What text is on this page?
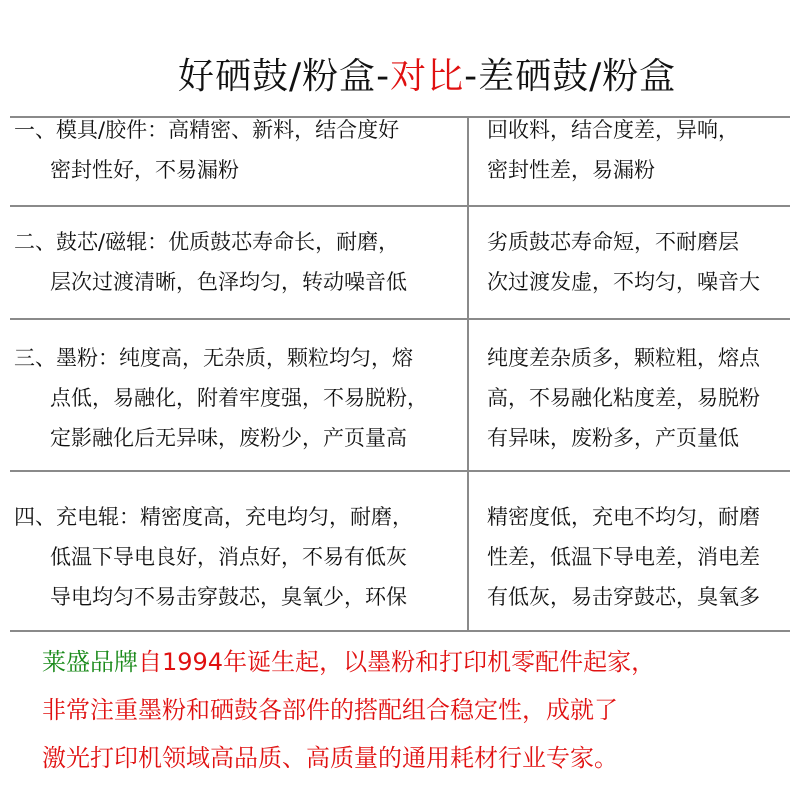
好硒鼓/粉盒-对比-差硒鼓/粉盒
一、模具/胶件：高精密、新料，结合度好
密封性好，不易漏粉
回收料，结合度差，异响，
密封性差，易漏粉
二、鼓芯/磁辊：优质鼓芯寿命长，耐磨，
层次过渡清晰，色泽均匀，转动噪音低
劣质鼓芯寿命短，不耐磨层
次过渡发虚，不均匀，噪音大
三、墨粉：纯度高，无杂质，颗粒均匀，熔
点低，易融化，附着牢度强，不易脱粉，
定影融化后无异味，废粉少，产页量高
纯度差杂质多，颗粒粗，熔点
高，不易融化粘度差，易脱粉
有异味，废粉多，产页量低
四、充电辊：精密度高，充电均匀，耐磨，
低温下导电良好，消点好，不易有低灰
导电均匀不易击穿鼓芯，臭氧少，环保
精密度低，充电不均匀，耐磨
性差，低温下导电差，消电差
有低灰，易击穿鼓芯，臭氧多
莱盛品牌自1994年诞生起，以墨粉和打印机零配件起家，
非常注重墨粉和硒鼓各部件的搭配组合稳定性，成就了
激光打印机领域高品质、高质量的通用耗材行业专家。
